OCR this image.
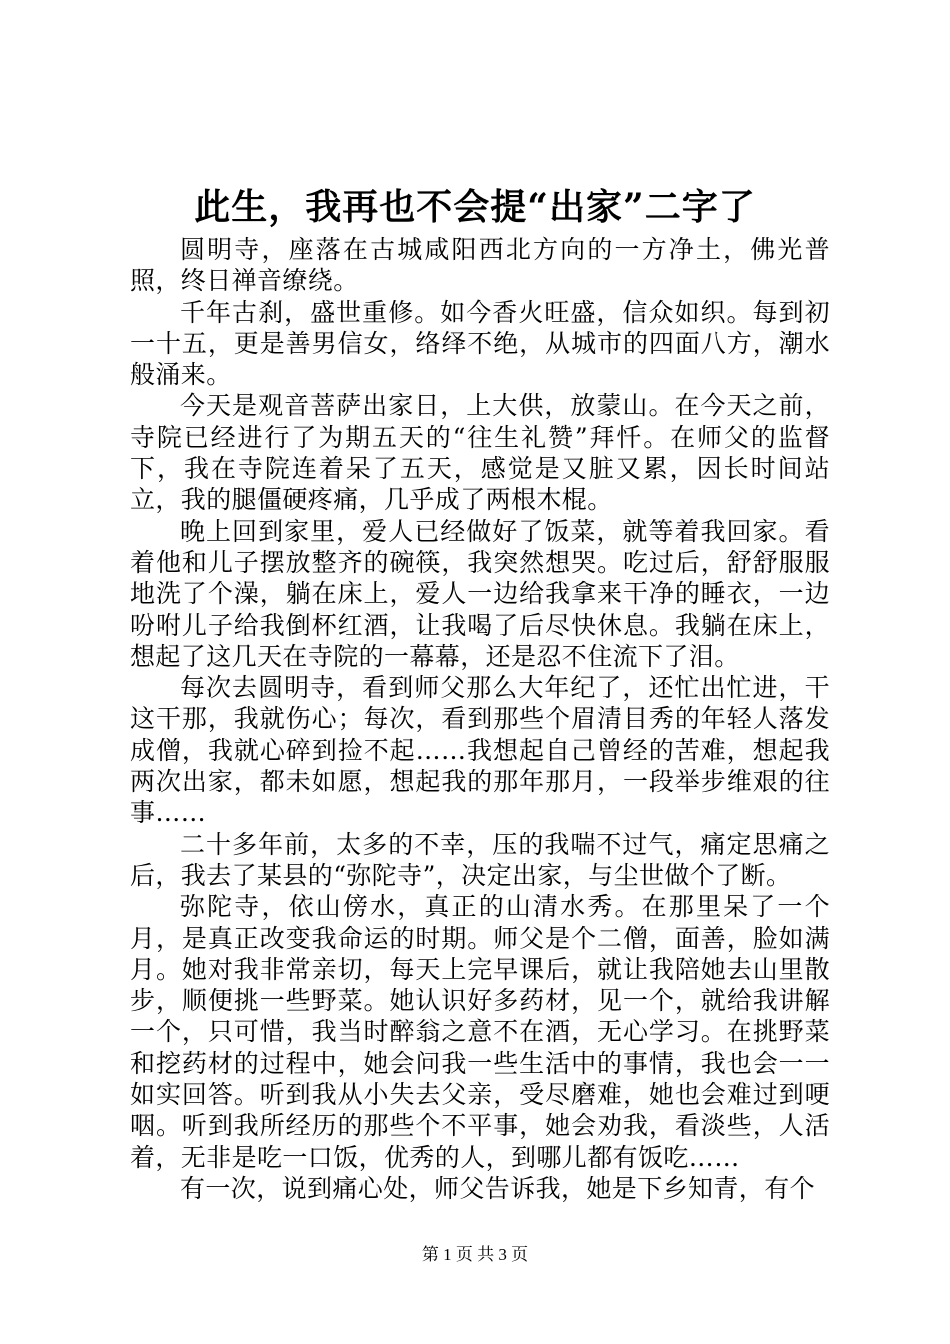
此生，我再也不会提“出家”二字了

圆明寺，座落在古城咸阳西北方向的一方净土，佛光普照，终日禅音缭绕。

千年古刹，盛世重修。如今香火旺盛，信众如织。每到初一十五，更是善男信女，络绎不绝，从城市的四面八方，潮水般涌来。

今天是观音菩萨出家日，上大供，放蒙山。在今天之前，寺院已经进行了为期五天的“往生礼赞”拜忏。在师父的监督下，我在寺院连着呆了五天，感觉是又脏又累，因长时间站立，我的腿僵硬疼痛，几乎成了两根木棍。

晚上回到家里，爱人已经做好了饭菜，就等着我回家。看着他和儿子摆放整齐的碗筷，我突然想哭。吃过后，舒舒服服地洗了个澡，躺在床上，爱人一边给我拿来干净的睡衣，一边吩咐儿子给我倒杯红酒，让我喝了后尽快休息。我躺在床上，想起了这几天在寺院的一幕幕，还是忍不住流下了泪。

每次去圆明寺，看到师父那么大年纪了，还忙出忙进，干这干那，我就伤心；每次，看到那些个眉清目秀的年轻人落发成僧，我就心碎到捡不起……我想起自己曾经的苦难，想起我两次出家，都未如愿，想起我的那年那月，一段举步维艰的往事……

二十多年前，太多的不幸，压的我喘不过气，痛定思痛之后，我去了某县的“弥陀寺”，决定出家，与尘世做个了断。

弥陀寺，依山傍水，真正的山清水秀。在那里呆了一个月，是真正改变我命运的时期。师父是个二僧，面善，脸如满月。她对我非常亲切，每天上完早课后，就让我陪她去山里散步，顺便挑一些野菜。她认识好多药材，见一个，就给我讲解一个，只可惜，我当时醉翁之意不在酒，无心学习。在挑野菜和挖药材的过程中，她会问我一些生活中的事情，我也会一一如实回答。听到我从小失去父亲，受尽磨难，她也会难过到哽咽。听到我所经历的那些个不平事，她会劝我，看淡些，人活着，无非是吃一口饭，优秀的人，到哪儿都有饭吃……

有一次，说到痛心处，师父告诉我，她是下乡知青，有个

第 1 页 共 3 页
